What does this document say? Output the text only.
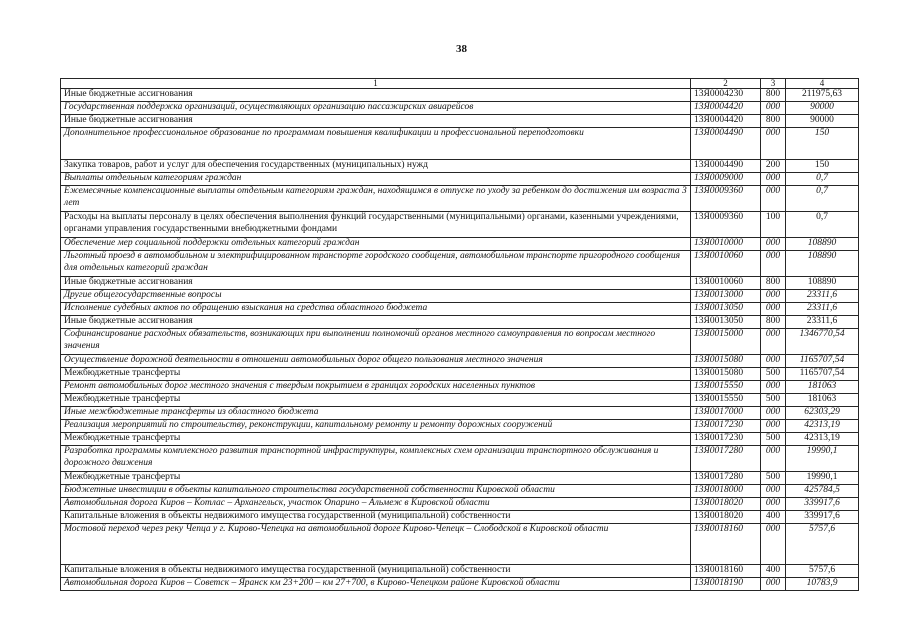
38
1	2	3	4
Иные бюджетные ассигнования	13Я0004230	800	211975,63
Государственная поддержка организаций, осуществляющих организацию пассажирских авиарейсов	13Я0004420	000	90000
Иные бюджетные ассигнования	13Я0004420	800	90000
Дополнительное профессиональное образование по программам повышения квалификации и профессиональной переподготовки	13Я0004490	000	150
Закупка товаров, работ и услуг для обеспечения государственных (муниципальных) нужд	13Я0004490	200	150
Выплаты отдельным категориям граждан	13Я0009000	000	0,7
Ежемесячные компенсационные выплаты отдельным категориям граждан, находящимся в отпуске по уходу за ребенком до достижения им возраста 3 лет	13Я0009360	000	0,7
Расходы на выплаты персоналу в целях обеспечения выполнения функций государственными (муниципальными) органами, казенными учреждениями, органами управления государственными внебюджетными фондами	13Я0009360	100	0,7
Обеспечение мер социальной поддержки отдельных категорий граждан	13Я0010000	000	108890
Льготный проезд в автомобильном и электрифицированном транспорте городского сообщения, автомобильном транспорте пригородного сообщения для отдельных категорий граждан	13Я0010060	000	108890
Иные бюджетные ассигнования	13Я0010060	800	108890
Другие общегосударственные вопросы	13Я0013000	000	23311,6
Исполнение судебных актов по обращению взыскания на средства областного бюджета	13Я0013050	000	23311,6
Иные бюджетные ассигнования	13Я0013050	800	23311,6
Софинансирование расходных обязательств, возникающих при выполнении полномочий органов местного самоуправления по вопросам местного значения	13Я0015000	000	1346770,54
Осуществление дорожной деятельности в отношении автомобильных дорог общего пользования местного значения	13Я0015080	000	1165707,54
Межбюджетные трансферты	13Я0015080	500	1165707,54
Ремонт автомобильных дорог местного значения с твердым покрытием в границах городских населенных пунктов	13Я0015550	000	181063
Межбюджетные трансферты	13Я0015550	500	181063
Иные межбюджетные трансферты из областного бюджета	13Я0017000	000	62303,29
Реализация мероприятий по строительству, реконструкции, капитальному ремонту и ремонту дорожных сооружений	13Я0017230	000	42313,19
Межбюджетные трансферты	13Я0017230	500	42313,19
Разработка программы комплексного развития транспортной инфраструктуры, комплексных схем организации транспортного обслуживания и дорожного движения	13Я0017280	000	19990,1
Межбюджетные трансферты	13Я0017280	500	19990,1
Бюджетные инвестиции в объекты капитального строительства государственной собственности Кировской области	13Я0018000	000	425784,5
Автомобильная дорога Киров – Котлас – Архангельск, участок Опарино – Альмеж в Кировской области	13Я0018020	000	339917,6
Капитальные вложения в объекты недвижимого имущества государственной (муниципальной) собственности	13Я0018020	400	339917,6
Мостовой переход через реку Чепца у г. Кирово-Чепецка на автомобильной дороге Кирово-Чепецк – Слободской в Кировской области	13Я0018160	000	5757,6
Капитальные вложения в объекты недвижимого имущества государственной (муниципальной) собственности	13Я0018160	400	5757,6
Автомобильная дорога Киров – Советск – Яранск км 23+200 – км 27+700, в Кирово-Чепецком районе Кировской области	13Я0018190	000	10783,9
